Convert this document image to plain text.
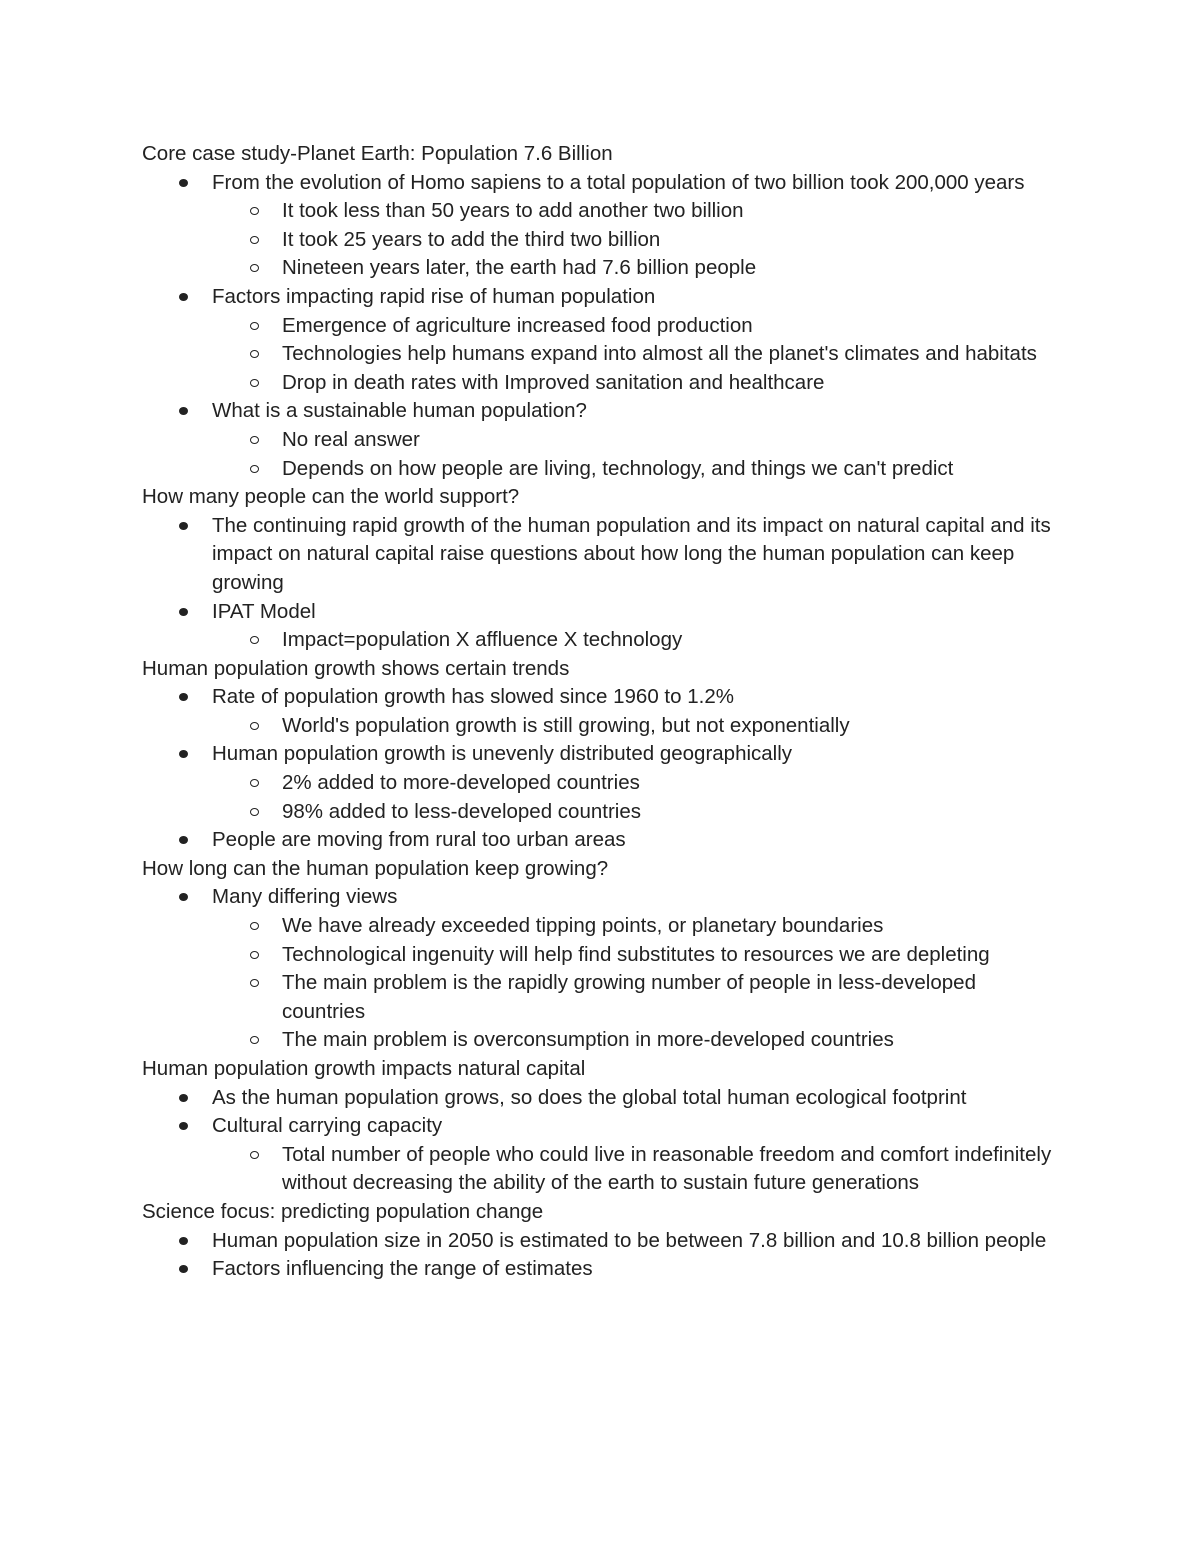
Core case study-Planet Earth: Population 7.6 Billion

From the evolution of Homo sapiens to a total population of two billion took 200,000 years
It took less than 50 years to add another two billion
It took 25 years to add the third two billion
Nineteen years later, the earth had 7.6 billion people
Factors impacting rapid rise of human population
Emergence of agriculture increased food production
Technologies help humans expand into almost all the planet's climates and habitats
Drop in death rates with Improved sanitation and healthcare
What is a sustainable human population?
No real answer
Depends on how people are living, technology, and things we can't predict

How many people can the world support?

The continuing rapid growth of the human population and its impact on natural capital and its impact on natural capital raise questions about how long the human population can keep growing
IPAT Model
Impact=population X affluence X technology

Human population growth shows certain trends

Rate of population growth has slowed since 1960 to 1.2%
World's population growth is still growing, but not exponentially
Human population growth is unevenly distributed geographically
2% added to more-developed countries
98% added to less-developed countries
People are moving from rural too urban areas

How long can the human population keep growing?

Many differing views
We have already exceeded tipping points, or planetary boundaries
Technological ingenuity will help find substitutes to resources we are depleting
The main problem is the rapidly growing number of people in less-developed countries
The main problem is overconsumption in more-developed countries

Human population growth impacts natural capital

As the human population grows, so does the global total human ecological footprint
Cultural carrying capacity
Total number of people who could live in reasonable freedom and comfort indefinitely without decreasing the ability of the earth to sustain future generations

Science focus: predicting population change

Human population size in 2050 is estimated to be between 7.8 billion and 10.8 billion people
Factors influencing the range of estimates
